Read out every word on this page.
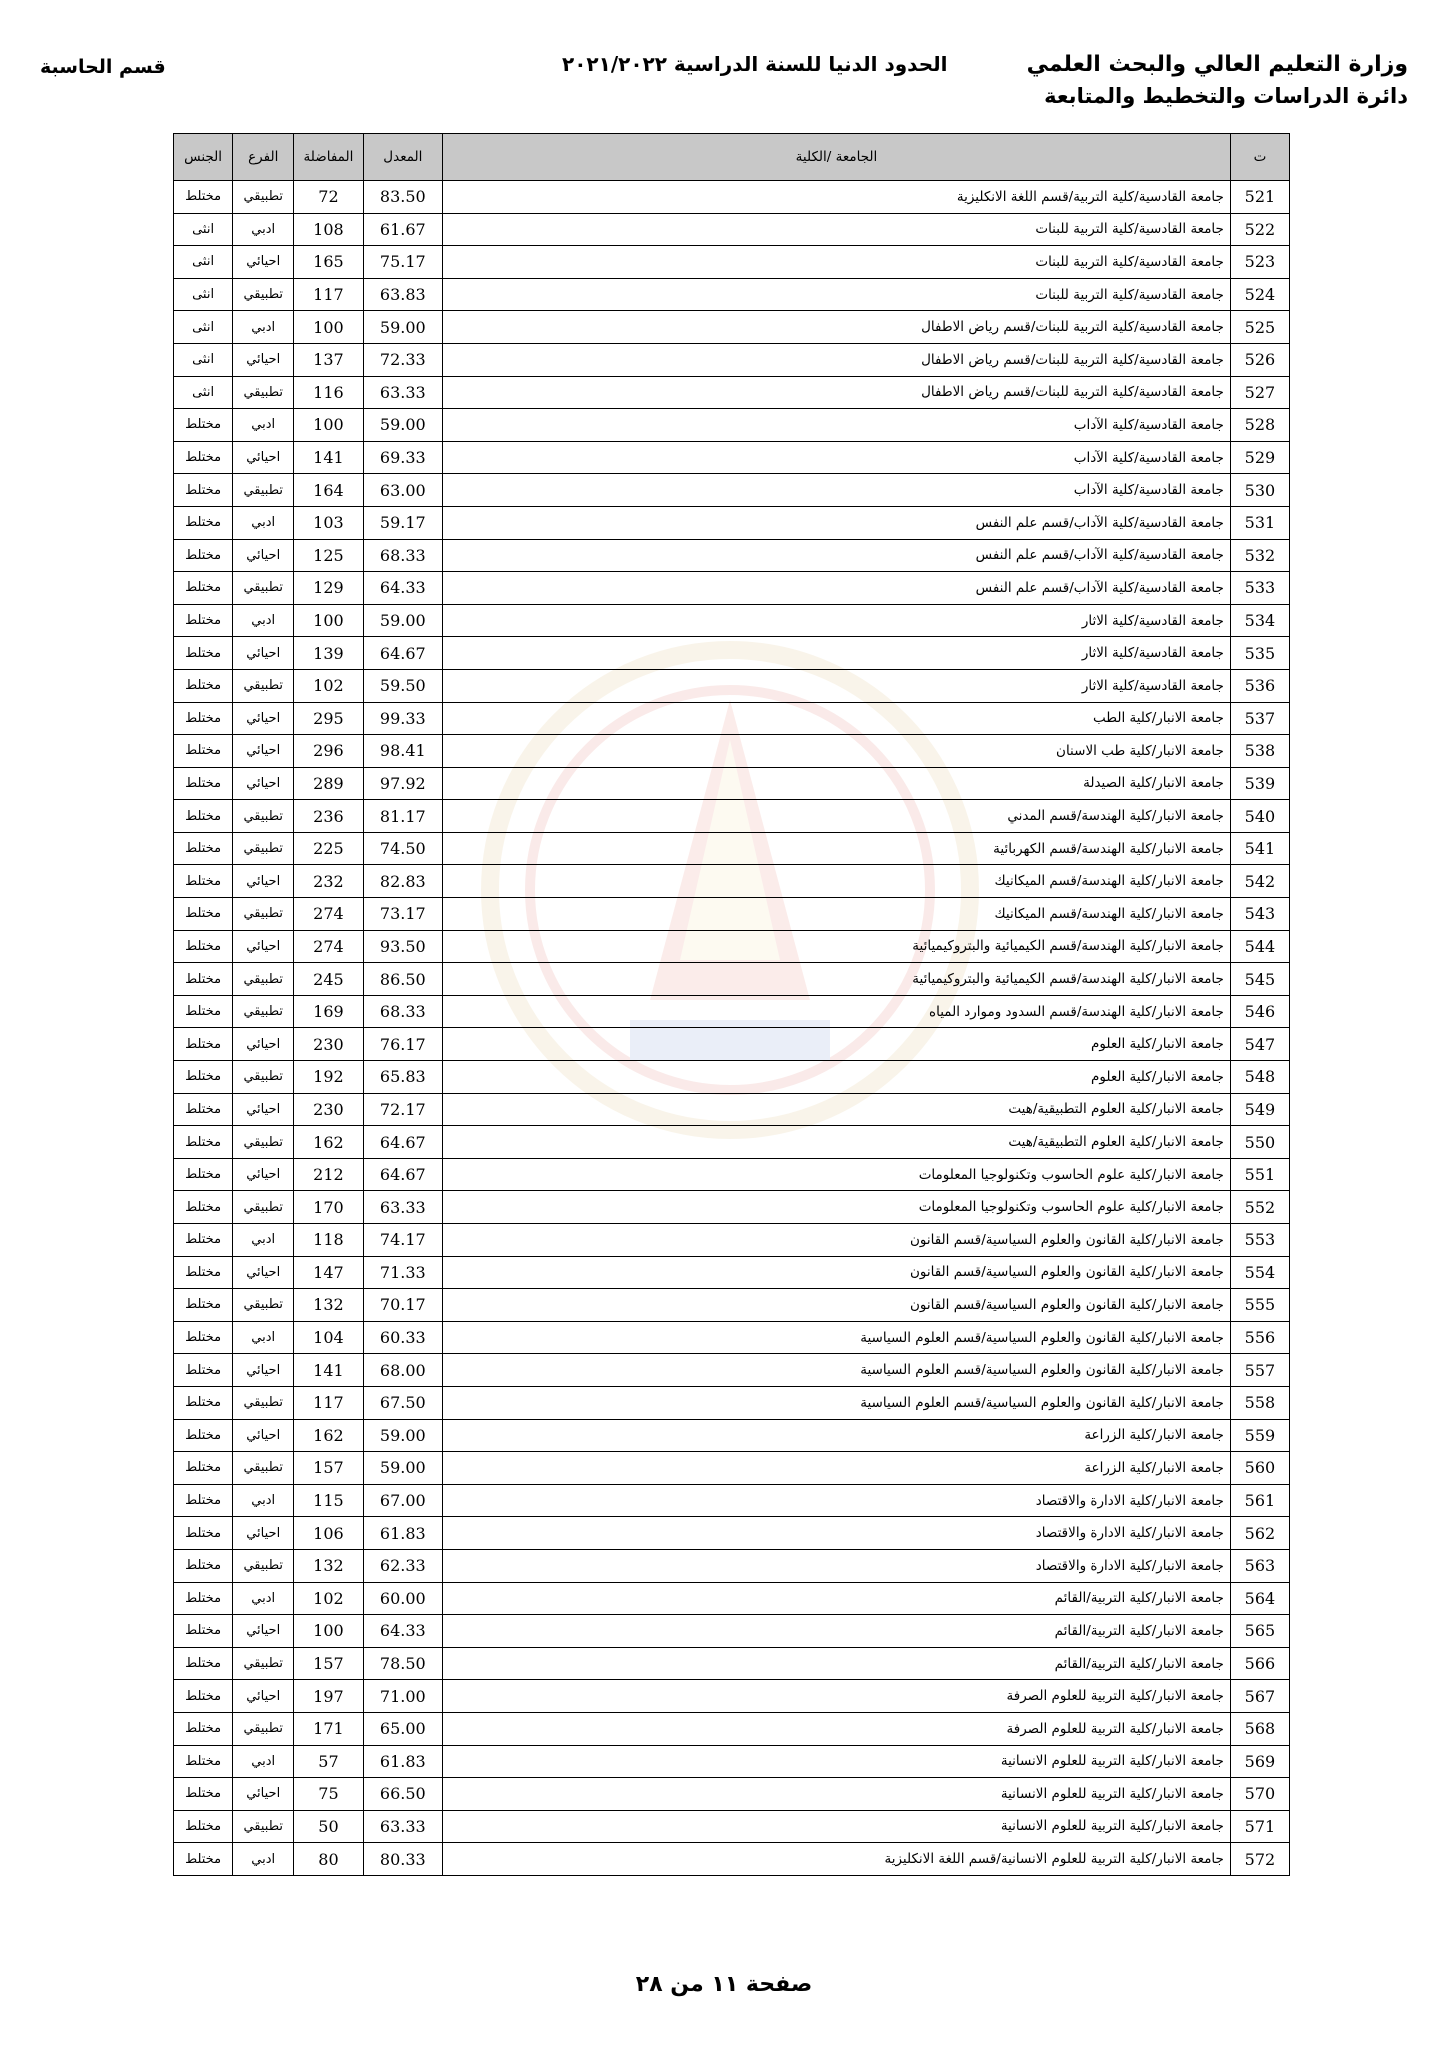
وزارة التعليم العالي والبحث العلمي
دائرة الدراسات والتخطيط والمتابعة
الحدود الدنيا للسنة الدراسية ٢٠٢١/٢٠٢٢
قسم الحاسبة
ت	الجامعة /الكلية	المعدل	المفاضلة	الفرع	الجنس
521	جامعة القادسية/كلية التربية/قسم اللغة الانكليزية	83.50	72	تطبيقي	مختلط
522	جامعة القادسية/كلية التربية للبنات	61.67	108	ادبي	انثى
523	جامعة القادسية/كلية التربية للبنات	75.17	165	احيائي	انثى
524	جامعة القادسية/كلية التربية للبنات	63.83	117	تطبيقي	انثى
525	جامعة القادسية/كلية التربية للبنات/قسم رياض الاطفال	59.00	100	ادبي	انثى
526	جامعة القادسية/كلية التربية للبنات/قسم رياض الاطفال	72.33	137	احيائي	انثى
527	جامعة القادسية/كلية التربية للبنات/قسم رياض الاطفال	63.33	116	تطبيقي	انثى
528	جامعة القادسية/كلية الآداب	59.00	100	ادبي	مختلط
529	جامعة القادسية/كلية الآداب	69.33	141	احيائي	مختلط
530	جامعة القادسية/كلية الآداب	63.00	164	تطبيقي	مختلط
531	جامعة القادسية/كلية الآداب/قسم علم النفس	59.17	103	ادبي	مختلط
532	جامعة القادسية/كلية الآداب/قسم علم النفس	68.33	125	احيائي	مختلط
533	جامعة القادسية/كلية الآداب/قسم علم النفس	64.33	129	تطبيقي	مختلط
534	جامعة القادسية/كلية الاثار	59.00	100	ادبي	مختلط
535	جامعة القادسية/كلية الاثار	64.67	139	احيائي	مختلط
536	جامعة القادسية/كلية الاثار	59.50	102	تطبيقي	مختلط
537	جامعة الانبار/كلية الطب	99.33	295	احيائي	مختلط
538	جامعة الانبار/كلية طب الاسنان	98.41	296	احيائي	مختلط
539	جامعة الانبار/كلية الصيدلة	97.92	289	احيائي	مختلط
540	جامعة الانبار/كلية الهندسة/قسم المدني	81.17	236	تطبيقي	مختلط
541	جامعة الانبار/كلية الهندسة/قسم الكهربائية	74.50	225	تطبيقي	مختلط
542	جامعة الانبار/كلية الهندسة/قسم الميكانيك	82.83	232	احيائي	مختلط
543	جامعة الانبار/كلية الهندسة/قسم الميكانيك	73.17	274	تطبيقي	مختلط
544	جامعة الانبار/كلية الهندسة/قسم الكيميائية والبتروكيميائية	93.50	274	احيائي	مختلط
545	جامعة الانبار/كلية الهندسة/قسم الكيميائية والبتروكيميائية	86.50	245	تطبيقي	مختلط
546	جامعة الانبار/كلية الهندسة/قسم السدود وموارد المياه	68.33	169	تطبيقي	مختلط
547	جامعة الانبار/كلية العلوم	76.17	230	احيائي	مختلط
548	جامعة الانبار/كلية العلوم	65.83	192	تطبيقي	مختلط
549	جامعة الانبار/كلية العلوم التطبيقية/هيت	72.17	230	احيائي	مختلط
550	جامعة الانبار/كلية العلوم التطبيقية/هيت	64.67	162	تطبيقي	مختلط
551	جامعة الانبار/كلية علوم الحاسوب وتكنولوجيا المعلومات	64.67	212	احيائي	مختلط
552	جامعة الانبار/كلية علوم الحاسوب وتكنولوجيا المعلومات	63.33	170	تطبيقي	مختلط
553	جامعة الانبار/كلية القانون والعلوم السياسية/قسم القانون	74.17	118	ادبي	مختلط
554	جامعة الانبار/كلية القانون والعلوم السياسية/قسم القانون	71.33	147	احيائي	مختلط
555	جامعة الانبار/كلية القانون والعلوم السياسية/قسم القانون	70.17	132	تطبيقي	مختلط
556	جامعة الانبار/كلية القانون والعلوم السياسية/قسم العلوم السياسية	60.33	104	ادبي	مختلط
557	جامعة الانبار/كلية القانون والعلوم السياسية/قسم العلوم السياسية	68.00	141	احيائي	مختلط
558	جامعة الانبار/كلية القانون والعلوم السياسية/قسم العلوم السياسية	67.50	117	تطبيقي	مختلط
559	جامعة الانبار/كلية الزراعة	59.00	162	احيائي	مختلط
560	جامعة الانبار/كلية الزراعة	59.00	157	تطبيقي	مختلط
561	جامعة الانبار/كلية الادارة والاقتصاد	67.00	115	ادبي	مختلط
562	جامعة الانبار/كلية الادارة والاقتصاد	61.83	106	احيائي	مختلط
563	جامعة الانبار/كلية الادارة والاقتصاد	62.33	132	تطبيقي	مختلط
564	جامعة الانبار/كلية التربية/القائم	60.00	102	ادبي	مختلط
565	جامعة الانبار/كلية التربية/القائم	64.33	100	احيائي	مختلط
566	جامعة الانبار/كلية التربية/القائم	78.50	157	تطبيقي	مختلط
567	جامعة الانبار/كلية التربية للعلوم الصرفة	71.00	197	احيائي	مختلط
568	جامعة الانبار/كلية التربية للعلوم الصرفة	65.00	171	تطبيقي	مختلط
569	جامعة الانبار/كلية التربية للعلوم الانسانية	61.83	57	ادبي	مختلط
570	جامعة الانبار/كلية التربية للعلوم الانسانية	66.50	75	احيائي	مختلط
571	جامعة الانبار/كلية التربية للعلوم الانسانية	63.33	50	تطبيقي	مختلط
572	جامعة الانبار/كلية التربية للعلوم الانسانية/قسم اللغة الانكليزية	80.33	80	ادبي	مختلط
صفحة ١١ من ٢٨
